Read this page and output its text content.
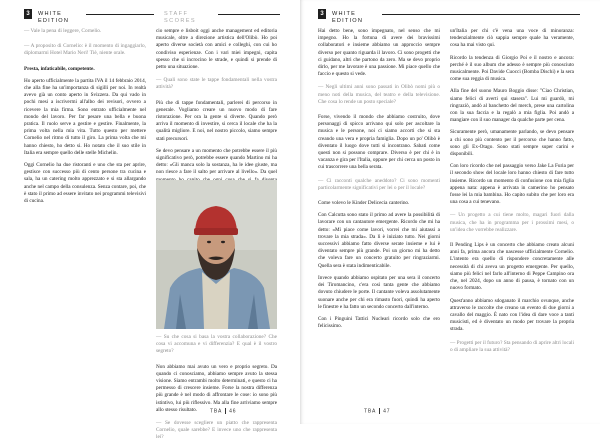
3	WHITE EDITION
STAFF SCORES
— Vale la pena di leggere, Cornelio.
— A proposito di Cornelio: è il momento di ingaggiarlo, diplomarmi Hotel Mario Neri! Tiè, niente orale.

Presta, infaticabile, competente.

Ho aperto ufficialmente la partita IVA il 14 febbraio 2014, che alla fine ha un'importanza di sigilli per noi. In realtà avevo già un conto aperto in Svizzera. Da qui vado in pochi mesi a iscrivermi all'albo dei revisori, ovvero a ricevere la mia firma. Sono entrato ufficialmente nel mondo del lavoro. Per far pesare una bella e buona pratica. Il ruolo serve a gestire e gestire. Finalmente, la prima volta nella mia vita. Tutto questo per mettere Cornelio nel ritmo di tutto il giro. La prima volta che mi hanno chiesto, ho detto sì. Ho notato che il suo stile in Italia era sempre quello delle stelle Michelin.

Oggi Cornelio ha due ristoranti e uno che sta per aprire, gestisce con successo più di cento persone tra cucina e sala, ha un catering molto apprezzato e si sta allargando anche nel campo della consulenza. Senza contare, poi, che è stato il primo ad essere invitato nei programmi televisivi di cucina.

cio sempre e lisboit oggi anche management ed editoria musicale, oltre a direzione artistica dell'Olibò. Ho poi aperto diverse società con amici e colleghi, con cui ho condiviso esperienze. Con i vari miei impegni, capita spesso che si incrocino le strade, e quindi si prende di petto una situazione.

— Quali sono state le tappe fondamentali nella vostra attività?

Più che di tappe fondamentali, parlerei di percorso in generale. Vogliamo creare un nuovo modo di fare ristorazione. Per ora la gente si diverte. Quando però arriva il momento di investire, si cerca il locale che ha la qualità migliore. E noi, nel nostro piccolo, siamo sempre stati precursori.

Se devo pensare a un momento che potrebbe essere il più significativo però, potrebbe essere quando Martino mi ha detto: «Gli manca solo la sostanza, ha le idee giuste, ma non riesce a fare il salto per arrivare al livello». Da quel

— Su che cosa si basa la vostra collaborazione? Che cosa vi accomuna e vi differenzia? E qual è il vostro segreto?

Non abbiamo mai avuto un vero e proprio segreto. Da quando ci conosciamo, abbiamo sempre avuto la stessa visione. Siamo entrambi molto determinati, e questo ci ha permesso di crescere insieme. Forse la nostra differenza più grande è nel modo di affrontare le cose: io sono più istintivo, lui più riflessivo. Ma alla fine arriviamo sempre allo stesso risultato.

— Se dovesse scegliere un piatto che rappresenta Cornelio, quale sarebbe? E invece uno che rappresenta lei?
TBA 46
3	WHITE EDITION

Hai detto bene, sono impegnato, nel senso che mi impegno. Ho la fortuna di avere dei bravissimi collaboratori e insieme abbiamo un approccio sempre diverso per quanto riguarda il lavoro. Ci sono progetti che ci guidano, altri che partono da zero. Ma se devo proprio dirlo, per me lavorare è una passione. Mi piace quello che faccio e questo si vede.

— Negli ultimi anni sono passati in Olibò nomi più o meno noti della musica, del teatro e della televisione. Che cosa lo rende un posto speciale?

Forse, vivendo il mondo che abbiamo costruito, dove personaggi di spicco arrivano qui solo per ascoltare la musica e le persone, noi ci siamo accorti che si sta creando una vera e propria famiglia. Dopo un po' Olibò è diventato il luogo dove tutti si incontrano. Sabati come questi non si possono comprare. Diverso è per chi è in vacanza e gira per l'Italia, oppure per chi cerca un posto in cui trascorrere una bella serata.

— Ci racconti qualche aneddoto? Ci sono momenti particolarmente significativi per lei o per il locale?

Come volevo le Kinder Delicecia canterino.

Con Calcutta sono stato il primo ad avere la possibilità di lavorare con un cantautore emergente. Ricordo che mi ha detto: «Mi piace come lavori, vorrei che mi aiutassi a trovare la mia strada». Da lì è iniziato tutto. Nei giorni successivi abbiamo fatto diverse serate insieme e lui è diventato sempre più grande. Poi un giorno mi ha detto che voleva fare un concerto gratuito per ringraziarmi. Quella sera è stata indimenticabile.

Invece quando abbiamo ospitato per una sera il concerto dei Tiromancino, c'era così tanta gente che abbiamo dovuto chiudere le porte. Il cantante voleva assolutamente suonare anche per chi era rimasto fuori, quindi ha aperto le finestre e ha fatto un secondo concerto dall'interno.

Con i Pinguini Tattici Nucleari ricordo solo che ero felicissimo.

un'Italia per chi c'è vena una voce di minoranza: tendenzialmente ciò sappia sempre quale ha veramente, cosa ha mai visto qui.

Ricordo la tendenza di Giorgio Poi e il nostro e ancora: perché è il suo album che adesso è sempre più conosciuto musicalmente. Poi Davide Cuocci (Bomba Dischi) e la sera come sua reggia di musica.

Alla fine del suono Mauro Boggio disse: "Ciao Christian, siamo felici di averti qui stasera". Lui mi guardò, mi ringraziò, andò al banchetto del merch, prese una cartolina con la sua faccia e la regalò a mia figlia. Poi andò a mangiare con il suo manager da qualche parte per cena.

Sicuramente però, umanamente parlando, se devo pensare a chi sono più contento per il percorso che hanno fatto, sono gli Ex-Otago. Sono stati sempre super carini e disponibili.

Con loro ricordo che nel passaggio verso Jake La Furia per il secondo show del locale loro hanno chiesto di fare tutto insieme. Ricordo un momento di confusione con mia figlia appena nata: appena è arrivata in camerino ho pensato fosse lei la mia bambina. Ho capito subito che per loro era una cosa a cui tenevano.

— Un progetto a cui tiene molto, magari fuori dalla musica, che ha in programma per i prossimi mesi, o un'idea che vorrebbe realizzare.

Il Pending Lips è un concerto che abbiamo creato alcuni anni fa, prima ancora che nascesse ufficialmente Cornelio. L'intento era quello di rispondere concretamente alle necessità di chi aveva un progetto emergente. Per quello, siamo più felici nel farlo all'interno di Peppe Campino ora che, nel 2024, dopo un anno di pausa, è tornato con un nuovo formato.

Quest'anno abbiamo sdoganato il marchio ovunque, anche attraverso le raccolte che creano un evento di due giorni a cavallo del maggio. È nato con l'idea di dare voce a tanti musicisti, ed è diventato un modo per trovare la propria strada.

— Progetti per il futuro? Sta pensando di aprire altri locali o di ampliare la sua attività?
TBA 47
